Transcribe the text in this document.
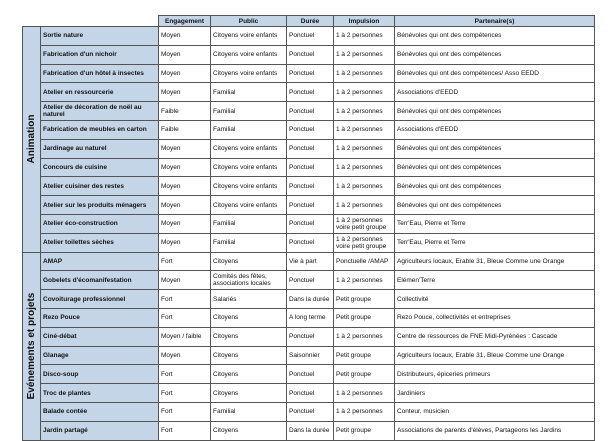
		Engagement	Public	Durée	Impulsion	Partenaire(s)

Animation	Sortie nature	Moyen	Citoyens voire enfants	Ponctuel	1 à 2 personnes	Bénévoles qui ont des compétences
	Fabrication d'un nichoir	Moyen	Citoyens voire enfants	Ponctuel	1 à 2 personnes	Bénévoles qui ont des compétences
	Fabrication d'un hôtel à insectes	Moyen	Citoyens voire enfants	Ponctuel	1 à 2 personnes	Bénévoles qui ont des compétences/ Asso EEDD
	Atelier en ressourcerie	Moyen	Familial	Ponctuel	1 à 2 personnes	Associations d'EEDD
	Atelier de décoration de noël au naturel	Faible	Familial	Ponctuel	1 à 2 personnes	Bénévoles qui ont des compétences
	Fabrication de meubles en carton	Faible	Familial	Ponctuel	1 à 2 personnes	Associations d'EEDD
	Jardinage au naturel	Moyen	Citoyens voire enfants	Ponctuel	1 à 2 personnes	Bénévoles qui ont des compétences
	Concours de cuisine	Moyen	Citoyens voire enfants	Ponctuel	1 à 2 personnes	Bénévoles qui ont des compétences
	Atelier cuisiner des restes	Moyen	Citoyens voire enfants	Ponctuel	1 à 2 personnes	Bénévoles qui ont des compétences
	Atelier sur les produits ménagers	Moyen	Citoyens voire enfants	Ponctuel	1 à 2 personnes	Bénévoles qui ont des compétences
	Atelier éco-construction	Moyen	Familial	Ponctuel	1 à 2 personnes voire petit groupe	Terr'Eau, Pierre et Terre
	Atelier toilettes sèches	Moyen	Familial	Ponctuel	1 à 2 personnes voire petit groupe	Terr'Eau, Pierre et Terre

Evénements et projets	AMAP	Fort	Citoyens	Vie à part	Ponctuelle /AMAP	Agriculteurs locaux, Erable 31, Bleue Comme une Orange
	Gobelets d'écomanifestation	Moyen	Comités des fêtes, associations locales	Ponctuel	1 à 2 personnes	Elémen'Terre
	Covoiturage professionnel	Fort	Salariés	Dans la durée	Petit groupe	Collectivité
	Rezo Pouce	Fort	Citoyens	A long terme	Petit groupe	Rezo Pouce, collectivités et entreprises
	Ciné-débat	Moyen / faible	Citoyens	Ponctuel	1 à 2 personnes	Centre de ressources de FNE Midi-Pyrénées : Cascade
	Glanage	Moyen	Citoyens	Saisonnier	Petit groupe	Agriculteurs locaux, Erable 31, Bleue Comme une Orange
	Disco-soup	Fort	Citoyens	Ponctuel	Petit groupe	Distributeurs, épiceries primeurs
	Troc de plantes	Fort	Citoyens	Ponctuel	1 à 2 personnes	Jardiniers
	Balade contée	Fort	Familial	Ponctuel	1 à 2 personnes	Conteur, musicien
	Jardin partagé	Fort	Citoyens	Dans la durée	Petit groupe	Associations de parents d'élèves, Partageons les Jardins
